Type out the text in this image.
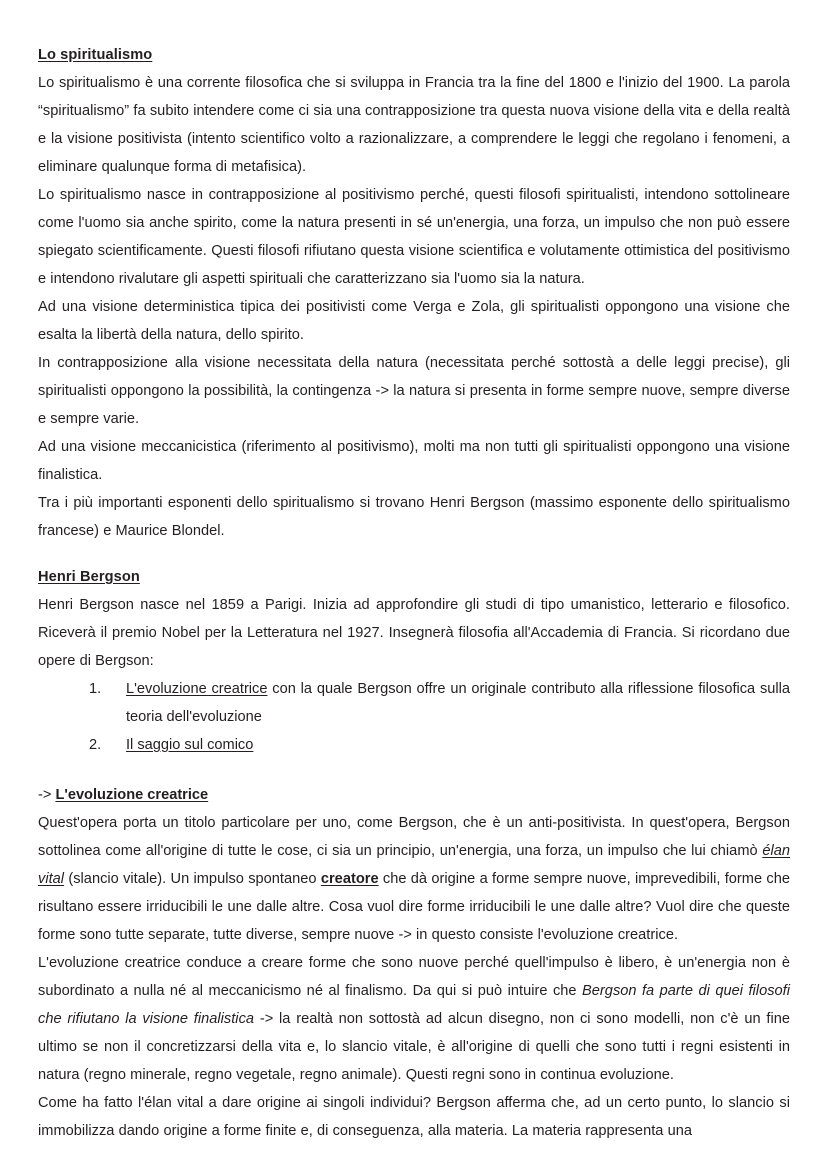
Lo spiritualismo

Lo spiritualismo è una corrente filosofica che si sviluppa in Francia tra la fine del 1800 e l'inizio del 1900. La parola “spiritualismo” fa subito intendere come ci sia una contrapposizione tra questa nuova visione della vita e della realtà e la visione positivista (intento scientifico volto a razionalizzare, a comprendere le leggi che regolano i fenomeni, a eliminare qualunque forma di metafisica).

Lo spiritualismo nasce in contrapposizione al positivismo perché, questi filosofi spiritualisti, intendono sottolineare come l'uomo sia anche spirito, come la natura presenti in sé un'energia, una forza, un impulso che non può essere spiegato scientificamente. Questi filosofi rifiutano questa visione scientifica e volutamente ottimistica del positivismo e intendono rivalutare gli aspetti spirituali che caratterizzano sia l'uomo sia la natura.

Ad una visione deterministica tipica dei positivisti come Verga e Zola, gli spiritualisti oppongono una visione che esalta la libertà della natura, dello spirito.

In contrapposizione alla visione necessitata della natura (necessitata perché sottostà a delle leggi precise), gli spiritualisti oppongono la possibilità, la contingenza -> la natura si presenta in forme sempre nuove, sempre diverse e sempre varie.

Ad una visione meccanicistica (riferimento al positivismo), molti ma non tutti gli spiritualisti oppongono una visione finalistica.

Tra i più importanti esponenti dello spiritualismo si trovano Henri Bergson (massimo esponente dello spiritualismo francese) e Maurice Blondel.

Henri Bergson

Henri Bergson nasce nel 1859 a Parigi. Inizia ad approfondire gli studi di tipo umanistico, letterario e filosofico. Riceverà il premio Nobel per la Letteratura nel 1927. Insegnerà filosofia all'Accademia di Francia. Si ricordano due opere di Bergson:

L'evoluzione creatrice con la quale Bergson offre un originale contributo alla riflessione filosofica sulla teoria dell'evoluzione
Il saggio sul comico

-> L'evoluzione creatrice

Quest'opera porta un titolo particolare per uno, come Bergson, che è un anti-positivista. In quest'opera, Bergson sottolinea come all'origine di tutte le cose, ci sia un principio, un'energia, una forza, un impulso che lui chiamò élan vital (slancio vitale). Un impulso spontaneo creatore che dà origine a forme sempre nuove, imprevedibili, forme che risultano essere irriducibili le une dalle altre. Cosa vuol dire forme irriducibili le une dalle altre? Vuol dire che queste forme sono tutte separate, tutte diverse, sempre nuove -> in questo consiste l'evoluzione creatrice.

L'evoluzione creatrice conduce a creare forme che sono nuove perché quell'impulso è libero, è un'energia non è subordinato a nulla né al meccanicismo né al finalismo. Da qui si può intuire che Bergson fa parte di quei filosofi che rifiutano la visione finalistica -> la realtà non sottostà ad alcun disegno, non ci sono modelli, non c'è un fine ultimo se non il concretizzarsi della vita e, lo slancio vitale, è all'origine di quelli che sono tutti i regni esistenti in natura (regno minerale, regno vegetale, regno animale). Questi regni sono in continua evoluzione.

Come ha fatto l'élan vital a dare origine ai singoli individui? Bergson afferma che, ad un certo punto, lo slancio si immobilizza dando origine a forme finite e, di conseguenza, alla materia. La materia rappresenta una
